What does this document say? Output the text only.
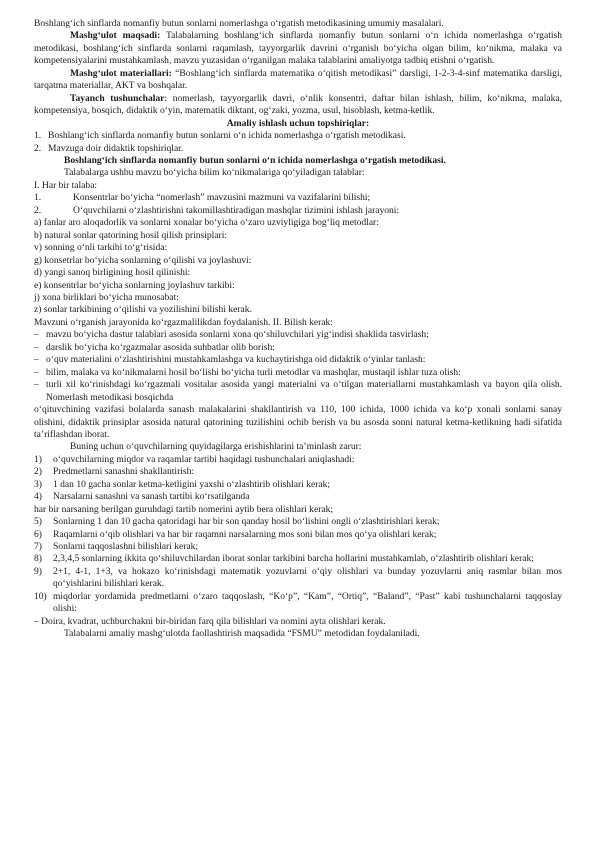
Boshlang‘ich sinflarda nomanfiy butun sonlarni nomerlashga o‘rgatish metodikasining umumiy masalalari.

Mashg‘ulot maqsadi: Talabalarning boshlang‘ich sinflarda nomanfiy butun sonlarni o‘n ichida nomerlashga o‘rgatish metodikasi, boshlang‘ich sinflarda sonlarni raqamlash, tayyorgarlik davrini o‘rganish bo‘yicha olgan bilim, ko‘nikma, malaka va kompetensiyalarini mustahkamlash, mavzu yuzasidan o‘rganilgan malaka talablarini amaliyotga tadbiq etishni o‘rgatish.

Mashg‘ulot materiallari: “Boshlang‘ich sinflarda matematika o‘qitish metodikasi” darsligi, 1-2-3-4-sinf matematika darsligi, tarqatma materiallar, AKT va boshqalar.

Tayanch tushunchalar: nomerlash, tayyorgarlik davri, o‘nlik konsentri, daftar bilan ishlash, bilim, ko‘nikma, malaka, kompetensiya, bosqich, didaktik o‘yin, matematik diktant, og‘zaki, yozma, usul, hisoblash, ketma-ketlik.

Amaliy ishlash uchun topshiriqlar:

1. Boshlang‘ich sinflarda nomanfiy butun sonlarni o‘n ichida nomerlashga o‘rgatish metodikasi.
2. Mavzuga doir didaktik topshiriqlar.

Boshlang‘ich sinflarda nomanfiy butun sonlarni o‘n ichida nomerlashga o‘rgatish metodikasi.

Talabalarga ushbu mavzu bo‘yicha bilim ko‘nikmalariga qo‘yiladigan talablar:

I. Har bir talaba:

1.	Konsentrlar bo‘yicha “nomerlash” mavzusini mazmuni va vazifalarini bilishi;
2.	O‘quvchilarni o‘zlashtirishni takomillashtiradigan mashqlar tizimini ishlash jarayoni:

a) fanlar aro aloqadorlik va sonlarni xonalar bo‘yicha o‘zaro uzviyligiga bog‘liq metodlar:

b) natural sonlar qatorining hosil qilish prinsiplari:

v) sonning o‘nli tarkibi to‘g‘risida:

g) konsetrlar bo‘yicha sonlarning o‘qilishi va joylashuvi:

d) yangi sanoq birligining hosil qilinishi:

e) konsentrlar bo‘yicha sonlarning joylashuv tarkibi:

j) xona birliklari bo‘yicha munosabat:

z) sonlar tarkibining o‘qilishi va yozilishini bilishi kerak.

Mavzuni o‘rganish jarayonida ko‘rgazmalilikdan foydalanish. II. Bilish kerak:

– mavzu bo‘yicha dastur talablari asosida sonlarni xona qo‘shiluvchilari yig‘indisi shaklida tasvirlash;
– darslik bo‘yicha ko‘rgazmalar asosida suhbatlar olib borish:
– o‘quv materialini o‘zlashtirishini mustahkamlashga va kuchaytirishga oid didaktik o‘yinlar tanlash:
– bilim, malaka va ko‘nikmalarni hosil bo‘lishi bo‘yicha turli metodlar va mashqlar, mustaqil ishlar tuza olish:
– turli xil ko‘rinishdagi ko‘rgazmali vositalar asosida yangi materialni va o‘tilgan materiallarni mustahkamlash va bayon qila olish. Nomerlash metodikasi bosqichda

o‘qituvchining vazifasi bolalarda sanash malakalarini shakllantirish va 110, 100 ichida, 1000 ichida va ko‘p xonali sonlarni sanay olishini, didaktik prinsiplar asosida natural qatorining tuzilishini ochib berish va bu asosda sonni natural ketma-ketlikning hadi sifatida ta’riflashdan iborat.

Buning uchun o‘quvchilarning quyidagilarga erishishlarini ta’minlash zarur:

1)	o‘quvchilarning miqdor va raqamlar tartibi haqidagi tushunchalari aniqlashadi:
2)	Predmetlarni sanashni shakllantirish:
3)	1 dan 10 gacha sonlar ketma-ketligini yaxshi o‘zlashtirib olishlari kerak;
4)	Narsalarni sanashni va sanash tartibi ko‘rsatilganda

har bir narsaning berilgan guruhdagi tartib nomerini aytib bera olishlari kerak;

5)	Sonlarning 1 dan 10 gacha qatoridagi har bir son qanday hosil bo‘lishini ongli o‘zlashtirishlari kerak;
6)	Raqamlarni o‘qib olishlari va har bir raqamni narsalarning mos soni bilan mos qo‘ya olishlari kerak;
7)	Sonlarni taqqoslashni bilishlari kerak;
8)	2,3,4,5 sonlarning ikkita qo‘shiluvchilardan iborat sonlar tarkibini barcha hollarini mustahkamlab, o‘zlashtirib olishlari kerak;
9)	2+1, 4-1, 1+3, va hokazo ko‘rinishdagi matematik yozuvlarni o‘qiy olishlari va bunday yozuvlarni aniq rasmlar bilan mos qo‘yishlarini bilishlari kerak.
10) miqdorlar yordamida predmetlarni o‘zaro taqqoslash, “Ko‘p”, “Kam”, “Ortiq”, “Baland”, “Past” kabi tushunchalarni taqqoslay olishi:

– Doira, kvadrat, uchburchakni bir-biridan farq qila bilishlari va nomini ayta olishlari kerak.

Talabalarni amaliy mashg‘ulotda faollashtirish maqsadida “FSMU” metodidan foydalaniladi.
